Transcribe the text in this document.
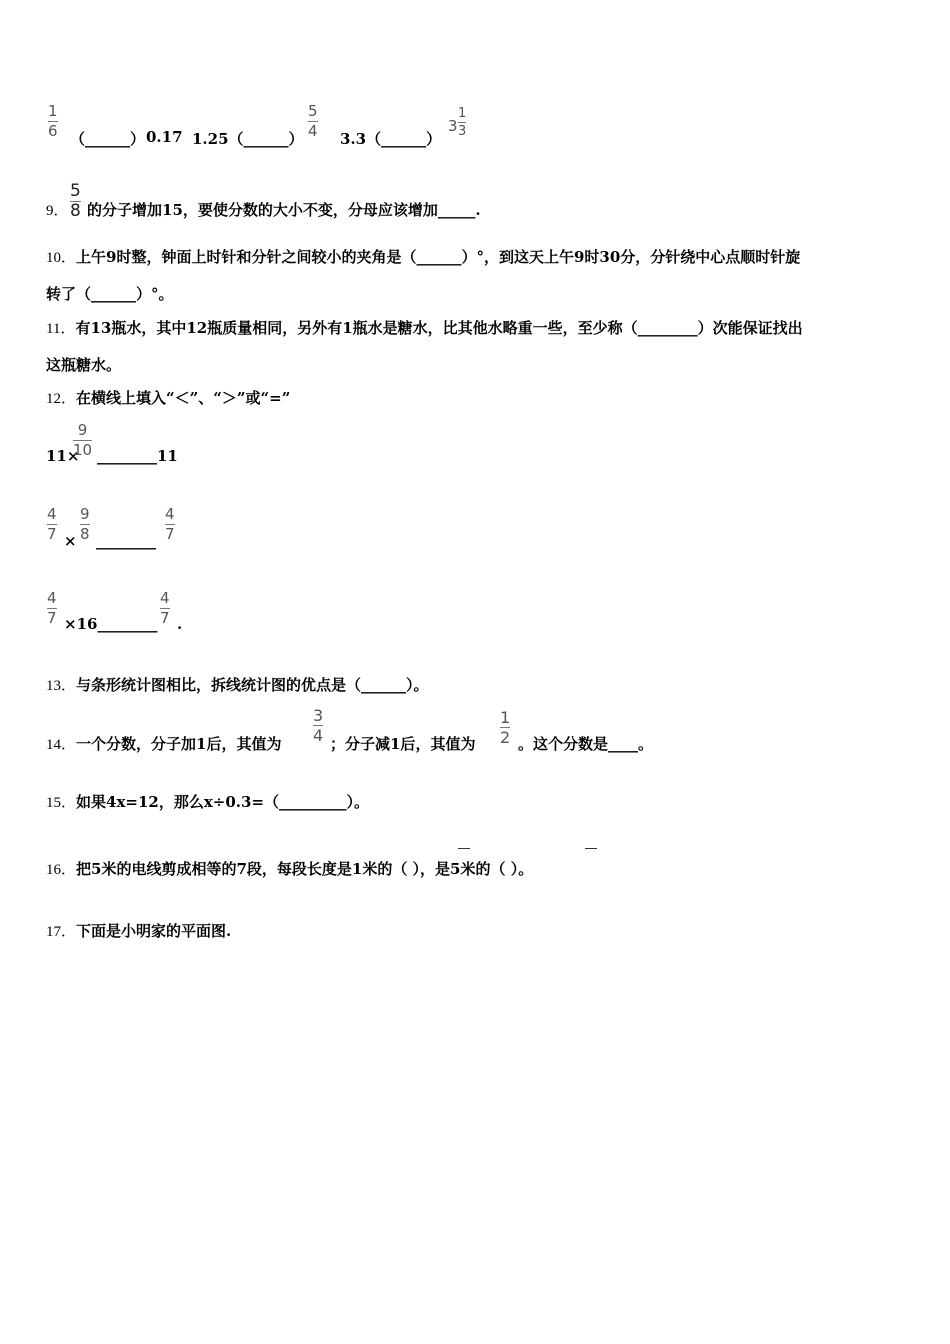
1
6 （______） 0.17 1.25（______）
5
4 3.3（______）
3
1
3
9．
5
8 的分子增加15，要使分数的大小不变，分母应该增加_____.
10．上午9时整，钟面上时针和分针之间较小的夹角是（______）°，到这天上午9时30分，分针绕中心点顺时针旋
转了（______）°。
11．有13瓶水，其中12瓶质量相同，另外有1瓶水是糖水，比其他水略重一些，至少称（________）次能保证找出
这瓶糖水。
12．在横线上填入“＜”、“＞”或“=”
11×
9
10 ________11
4
7 ×
9
8 ________
4
7
4
7 ×16________
4
7 .
13．与条形统计图相比，拆线统计图的优点是（______）。
14．一个分数，分子加1后，其值为
3
4 ；分子减1后，其值为
1
2 。这个分数是____。
15．如果4x=12，那么x÷0.3=（_________）。
16．把5米的电线剪成相等的7段，每段长度是1米的（ ），是5米的（ ）。
17．下面是小明家的平面图.
